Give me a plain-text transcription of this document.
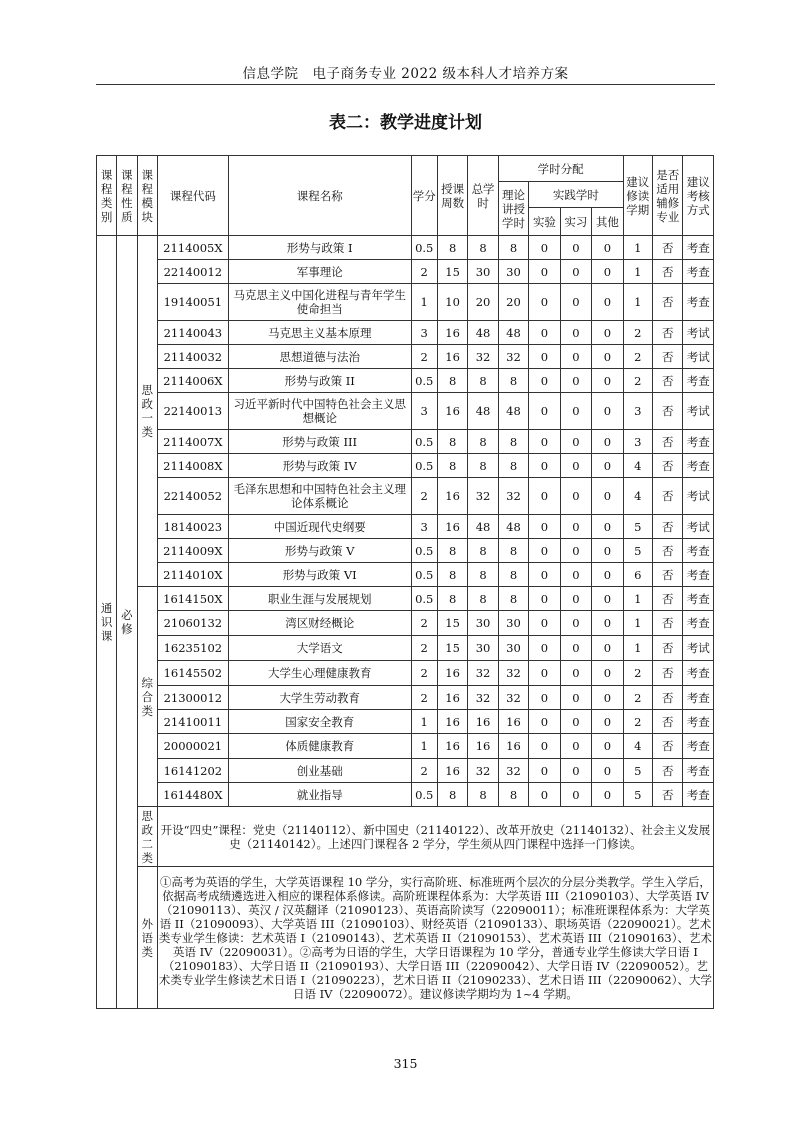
信息学院　电子商务专业 2022 级本科人才培养方案
表二：教学进度计划
课程类别	课程性质	课程模块	课程代码	课程名称	学分	授课周数	总学时	学时分配				建议修读学期	是否适用辅修专业	建议考核方式
								理论讲授学时	实践学时					
									实验	实习	其他			
通识课	必修	思政一类	2114005X	形势与政策 I	0.5	8	8	8	0	0	0	1	否	考查
			22140012	军事理论	2	15	30	30	0	0	0	1	否	考查
			19140051	马克思主义中国化进程与青年学生使命担当	1	10	20	20	0	0	0	1	否	考查
			21140043	马克思主义基本原理	3	16	48	48	0	0	0	2	否	考试
			21140032	思想道德与法治	2	16	32	32	0	0	0	2	否	考试
			2114006X	形势与政策 II	0.5	8	8	8	0	0	0	2	否	考查
			22140013	习近平新时代中国特色社会主义思想概论	3	16	48	48	0	0	0	3	否	考试
			2114007X	形势与政策 III	0.5	8	8	8	0	0	0	3	否	考查
			2114008X	形势与政策 IV	0.5	8	8	8	0	0	0	4	否	考查
			22140052	毛泽东思想和中国特色社会主义理论体系概论	2	16	32	32	0	0	0	4	否	考试
			18140023	中国近现代史纲要	3	16	48	48	0	0	0	5	否	考试
			2114009X	形势与政策 V	0.5	8	8	8	0	0	0	5	否	考查
			2114010X	形势与政策 VI	0.5	8	8	8	0	0	0	6	否	考查
		综合类	1614150X	职业生涯与发展规划	0.5	8	8	8	0	0	0	1	否	考查
			21060132	湾区财经概论	2	15	30	30	0	0	0	1	否	考查
			16235102	大学语文	2	15	30	30	0	0	0	1	否	考试
			16145502	大学生心理健康教育	2	16	32	32	0	0	0	2	否	考查
			21300012	大学生劳动教育	2	16	32	32	0	0	0	2	否	考查
			21410011	国家安全教育	1	16	16	16	0	0	0	2	否	考查
			20000021	体质健康教育	1	16	16	16	0	0	0	4	否	考查
			16141202	创业基础	2	16	32	32	0	0	0	5	否	考查
			1614480X	就业指导	0.5	8	8	8	0	0	0	5	否	考查
		思政二类	开设“四史”课程：党史（21140112）、新中国史（21140122）、改革开放史（21140132）、社会主义发展史（21140142）。上述四门课程各 2 学分，学生须从四门课程中选择一门修读。											
		外语类	①高考为英语的学生，大学英语课程 10 学分，实行高阶班、标准班两个层次的分层分类教学。学生入学后，依据高考成绩遴选进入相应的课程体系修读。高阶班课程体系为：大学英语 III（21090103）、大学英语 IV（21090113）、英汉 / 汉英翻译（21090123）、英语高阶读写（22090011）；标准班课程体系为：大学英语 II（21090093）、大学英语 III（21090103）、财经英语（21090133）、职场英语（22090021）。艺术类专业学生修读：艺术英语 I（21090143）、艺术英语 II（21090153）、艺术英语 III（21090163）、艺术英语 IV（22090031）。②高考为日语的学生，大学日语课程为 10 学分，普通专业学生修读大学日语 I（21090183）、大学日语 II（21090193）、大学日语 III（22090042）、大学日语 IV（22090052）。艺术类专业学生修读艺术日语 I（21090223），艺术日语 II（21090233）、艺术日语 III（22090062）、大学日语 IV（22090072）。建议修读学期均为 1~4 学期。											
315
